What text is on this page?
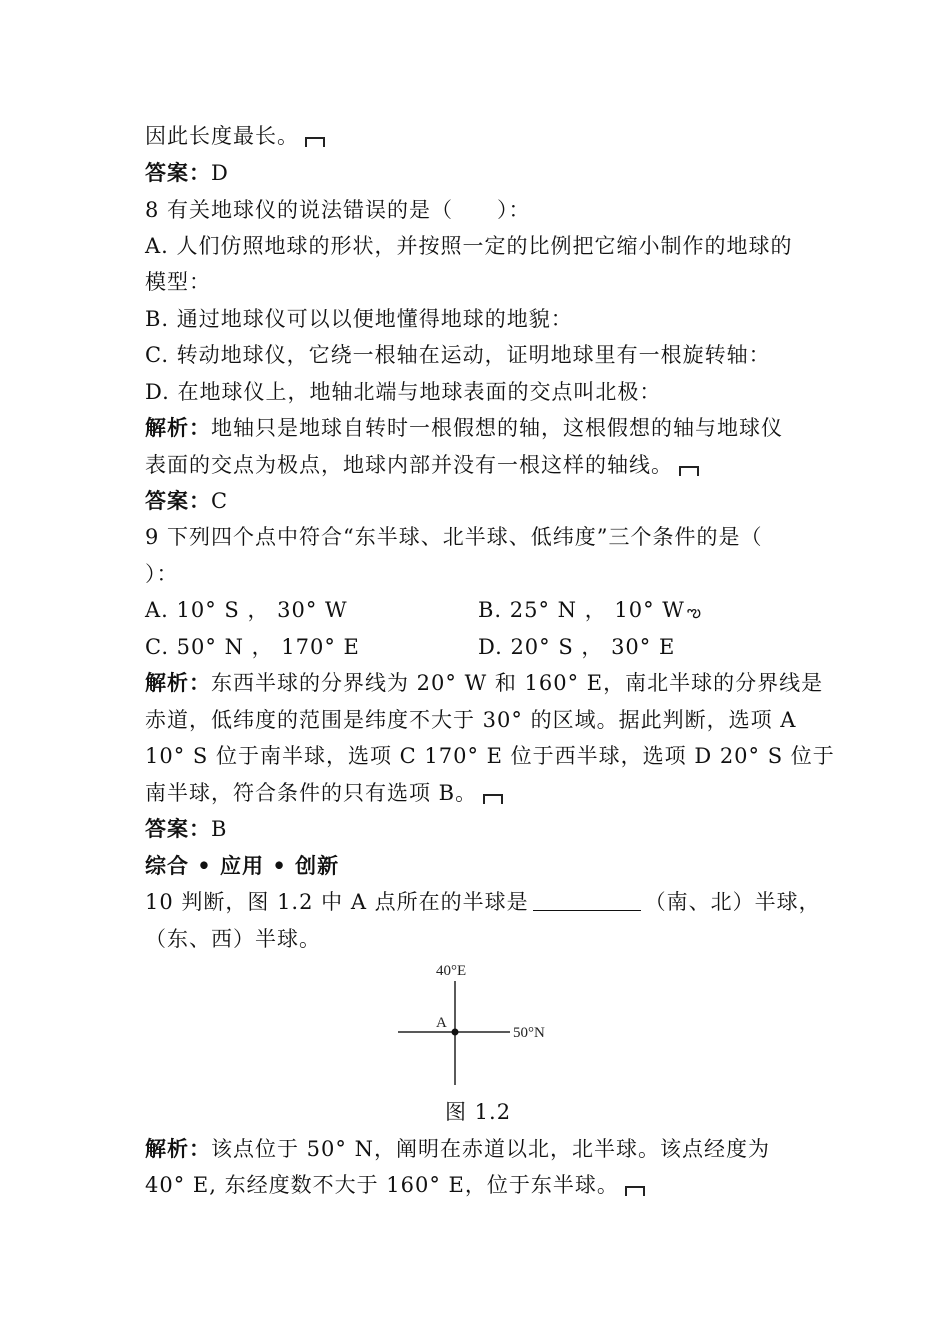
因此长度最长。
答案：D
8 有关地球仪的说法错误的是（　　）：
A. 人们仿照地球的形状，并按照一定的比例把它缩小制作的地球的
模型：
B. 通过地球仪可以以便地懂得地球的地貌：
C. 转动地球仪，它绕一根轴在运动，证明地球里有一根旋转轴：
D. 在地球仪上，地轴北端与地球表面的交点叫北极：
解析：地轴只是地球自转时一根假想的轴，这根假想的轴与地球仪
表面的交点为极点，地球内部并没有一根这样的轴线。
答案：C
9 下列四个点中符合“东半球、北半球、低纬度”三个条件的是（
）：
A. 10° S ， 30° W	B. 25° N ， 10° W ఌ
C. 50° N ， 170° E	D. 20° S ， 30° E
解析：东西半球的分界线为 20° W 和 160° E，南北半球的分界线是
赤道，低纬度的范围是纬度不大于 30° 的区域。据此判断，选项 A
10° S 位于南半球，选项 C 170° E 位于西半球，选项 D 20° S 位于
南半球，符合条件的只有选项 B。
答案：B
综合 • 应用 • 创新
10 判断，图 1.2 中 A 点所在的半球是	（南、北）半球，
（东、西）半球。
40°E
50°N
A
图 1.2
解析：该点位于 50° N，阐明在赤道以北，北半球。该点经度为
40° E, 东经度数不大于 160° E，位于东半球。
